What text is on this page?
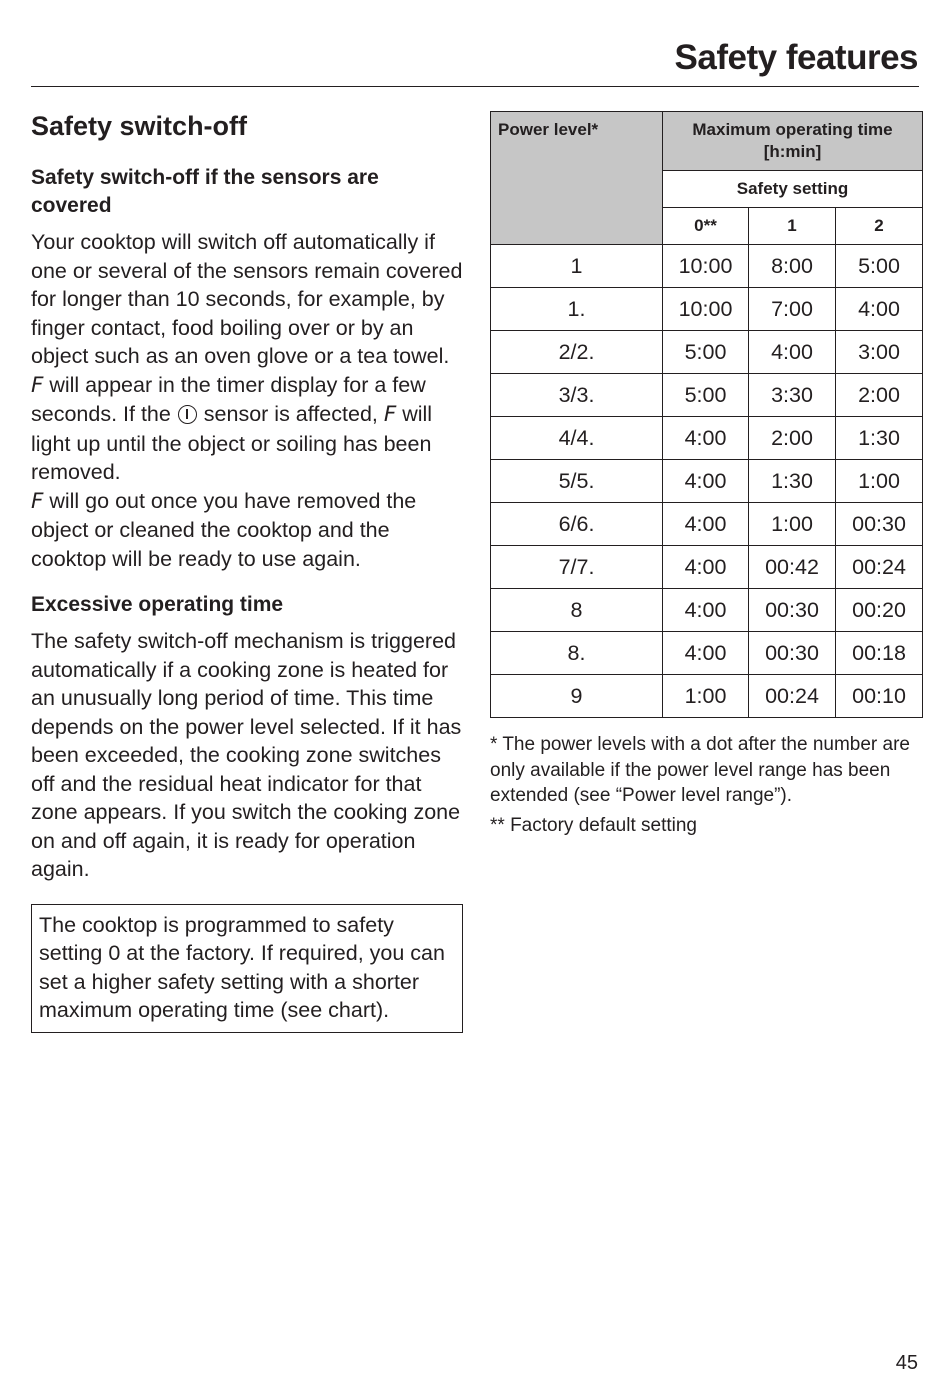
Safety features
Safety switch-off
Safety switch-off if the sensors are covered

Your cooktop will switch off automatically if one or several of the sensors remain covered for longer than 10 seconds, for example, by finger contact, food boiling over or by an object such as an oven glove or a tea towel. F will appear in the timer display for a few seconds. If the  sensor is affected, F will light up until the object or soiling has been removed.
F will go out once you have removed the object or cleaned the cooktop and the cooktop will be ready to use again.

Excessive operating time

The safety switch-off mechanism is triggered automatically if a cooking zone is heated for an unusually long period of time. This time depends on the power level selected. If it has been exceeded, the cooking zone switches off and the residual heat indicator for that zone appears. If you switch the cooking zone on and off again, it is ready for operation again.

The cooktop is programmed to safety setting 0 at the factory. If required, you can set a higher safety setting with a shorter maximum operating time (see chart).
Power level*	Maximum operating time
[h:min]		
	Safety setting		
	0**	1	2
1	10:00	8:00	5:00
1.	10:00	7:00	4:00
2/2.	5:00	4:00	3:00
3/3.	5:00	3:30	2:00
4/4.	4:00	2:00	1:30
5/5.	4:00	1:30	1:00
6/6.	4:00	1:00	00:30
7/7.	4:00	00:42	00:24
8	4:00	00:30	00:20
8.	4:00	00:30	00:18
9	1:00	00:24	00:10

* The power levels with a dot after the number are only available if the power level range has been extended (see “Power level range”).

** Factory default setting

45
